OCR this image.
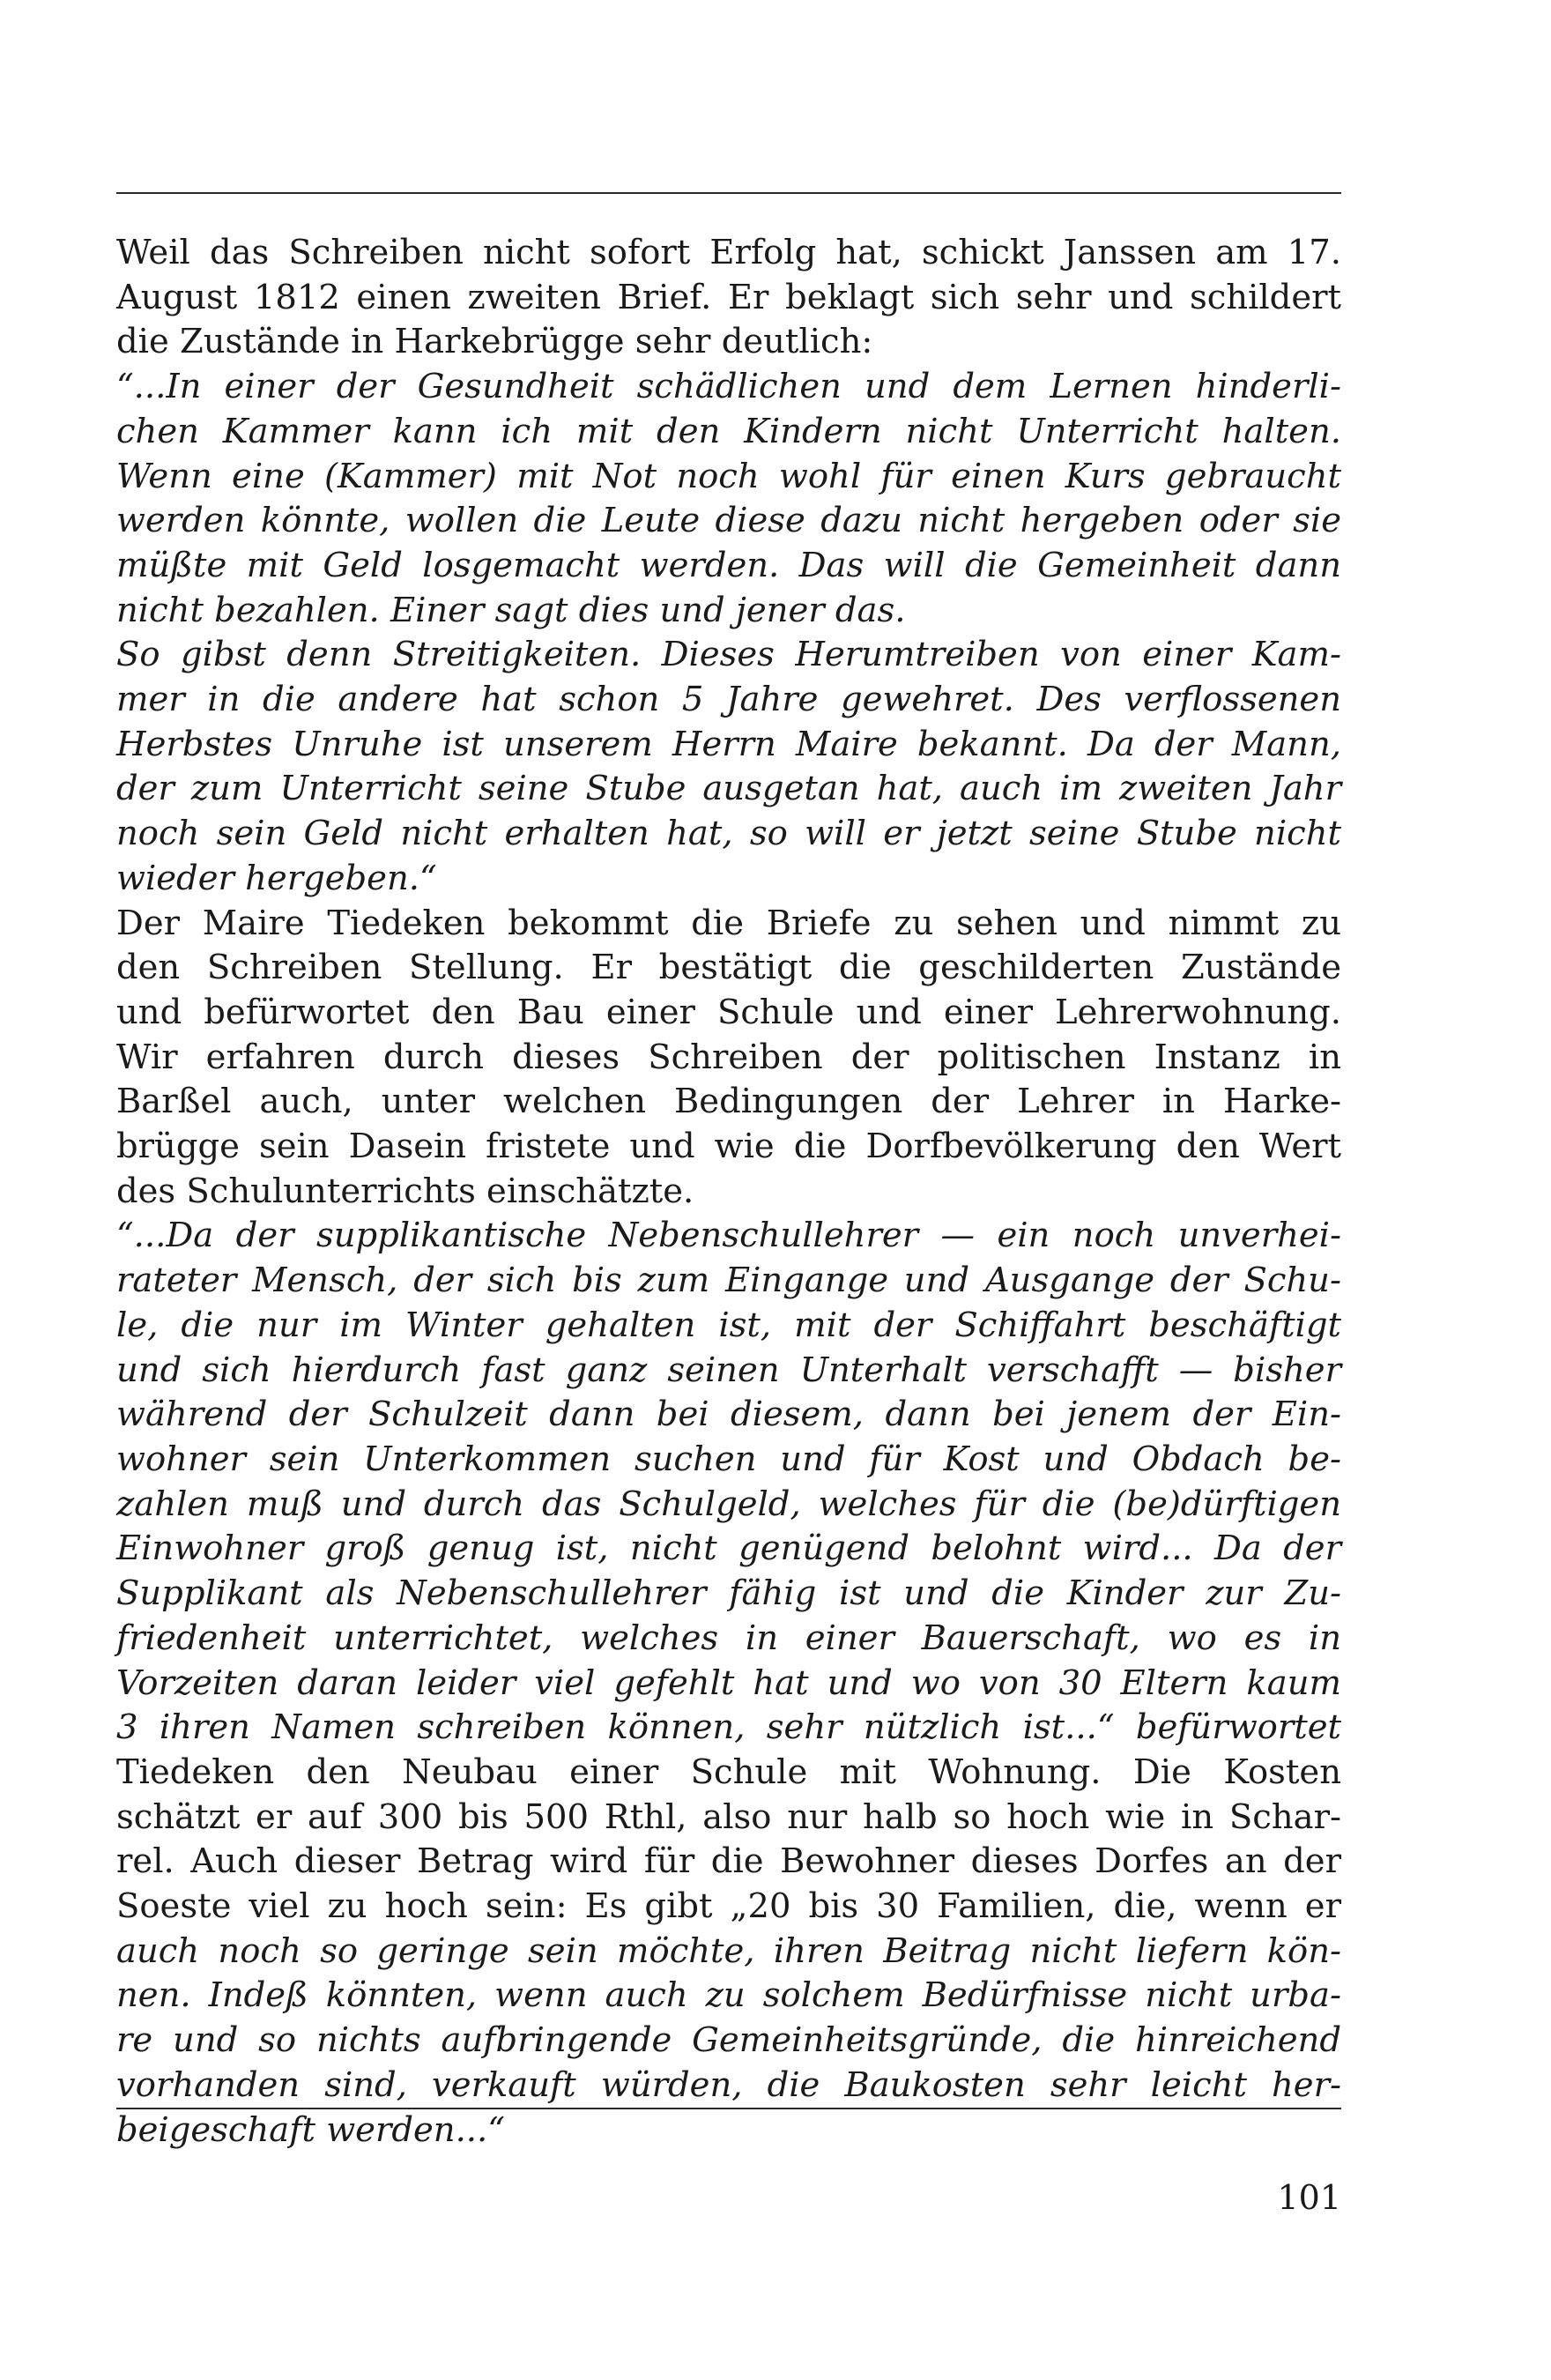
Weil das Schreiben nicht sofort Erfolg hat, schickt Janssen am 17.
August 1812 einen zweiten Brief. Er beklagt sich sehr und schildert
die Zustände in Harkebrügge sehr deutlich:
“...In einer der Gesundheit schädlichen und dem Lernen hinderli-
chen Kammer kann ich mit den Kindern nicht Unterricht halten.
Wenn eine (Kammer) mit Not noch wohl für einen Kurs gebraucht
werden könnte, wollen die Leute diese dazu nicht hergeben oder sie
müßte mit Geld losgemacht werden. Das will die Gemeinheit dann
nicht bezahlen. Einer sagt dies und jener das.
So gibst denn Streitigkeiten. Dieses Herumtreiben von einer Kam-
mer in die andere hat schon 5 Jahre gewehret. Des verflossenen
Herbstes Unruhe ist unserem Herrn Maire bekannt. Da der Mann,
der zum Unterricht seine Stube ausgetan hat, auch im zweiten Jahr
noch sein Geld nicht erhalten hat, so will er jetzt seine Stube nicht
wieder hergeben.“
Der Maire Tiedeken bekommt die Briefe zu sehen und nimmt zu
den Schreiben Stellung. Er bestätigt die geschilderten Zustände
und befürwortet den Bau einer Schule und einer Lehrerwohnung.
Wir erfahren durch dieses Schreiben der politischen Instanz in
Barßel auch, unter welchen Bedingungen der Lehrer in Harke-
brügge sein Dasein fristete und wie die Dorfbevölkerung den Wert
des Schulunterrichts einschätzte.
“...Da der supplikantische Nebenschullehrer — ein noch unverhei-
rateter Mensch, der sich bis zum Eingange und Ausgange der Schu-
le, die nur im Winter gehalten ist, mit der Schiffahrt beschäftigt
und sich hierdurch fast ganz seinen Unterhalt verschafft — bisher
während der Schulzeit dann bei diesem, dann bei jenem der Ein-
wohner sein Unterkommen suchen und für Kost und Obdach be-
zahlen muß und durch das Schulgeld, welches für die (be)dürftigen
Einwohner groß genug ist, nicht genügend belohnt wird... Da der
Supplikant als Nebenschullehrer fähig ist und die Kinder zur Zu-
friedenheit unterrichtet, welches in einer Bauerschaft, wo es in
Vorzeiten daran leider viel gefehlt hat und wo von 30 Eltern kaum
3 ihren Namen schreiben können, sehr nützlich ist...“ befürwortet
Tiedeken den Neubau einer Schule mit Wohnung. Die Kosten
schätzt er auf 300 bis 500 Rthl, also nur halb so hoch wie in Schar-
rel. Auch dieser Betrag wird für die Bewohner dieses Dorfes an der
Soeste viel zu hoch sein: Es gibt „20 bis 30 Familien, die, wenn er
auch noch so geringe sein möchte, ihren Beitrag nicht liefern kön-
nen. Indeß könnten, wenn auch zu solchem Bedürfnisse nicht urba-
re und so nichts aufbringende Gemeinheitsgründe, die hinreichend
vorhanden sind, verkauft würden, die Baukosten sehr leicht her-
beigeschaft werden...“
101
